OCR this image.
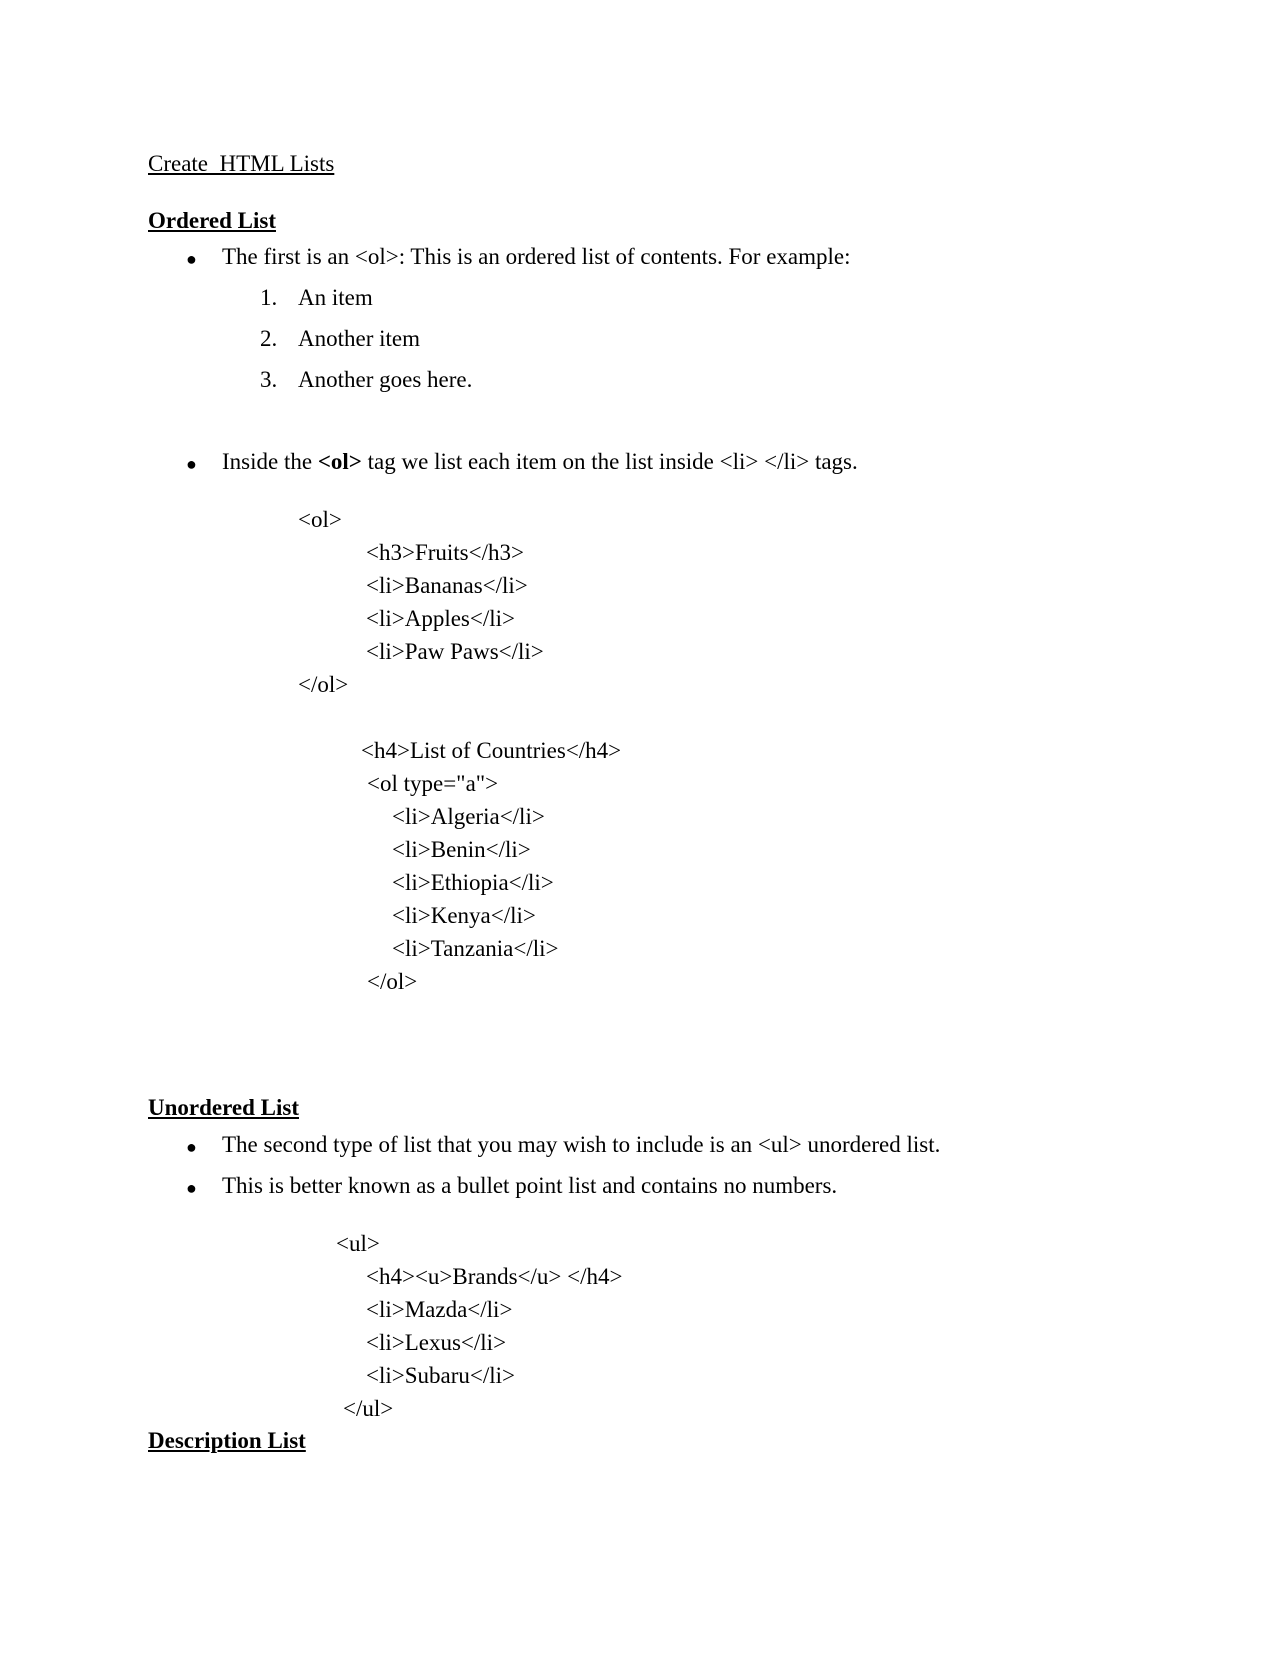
Create  HTML Lists
Ordered List
● The first is an <ol>: This is an ordered list of contents. For example:
1. An item
2. Another item
3. Another goes here.
● Inside the <ol> tag we list each item on the list inside <li> </li> tags.
<ol>
<h3>Fruits</h3>
<li>Bananas</li>
<li>Apples</li>
<li>Paw Paws</li>
</ol>
<h4>List of Countries</h4>
<ol type="a">
<li>Algeria</li>
<li>Benin</li>
<li>Ethiopia</li>
<li>Kenya</li>
<li>Tanzania</li>
</ol>
Unordered List
● The second type of list that you may wish to include is an <ul> unordered list.
● This is better known as a bullet point list and contains no numbers.
<ul>
<h4><u>Brands</u> </h4>
<li>Mazda</li>
<li>Lexus</li>
<li>Subaru</li>
</ul>
Description List
